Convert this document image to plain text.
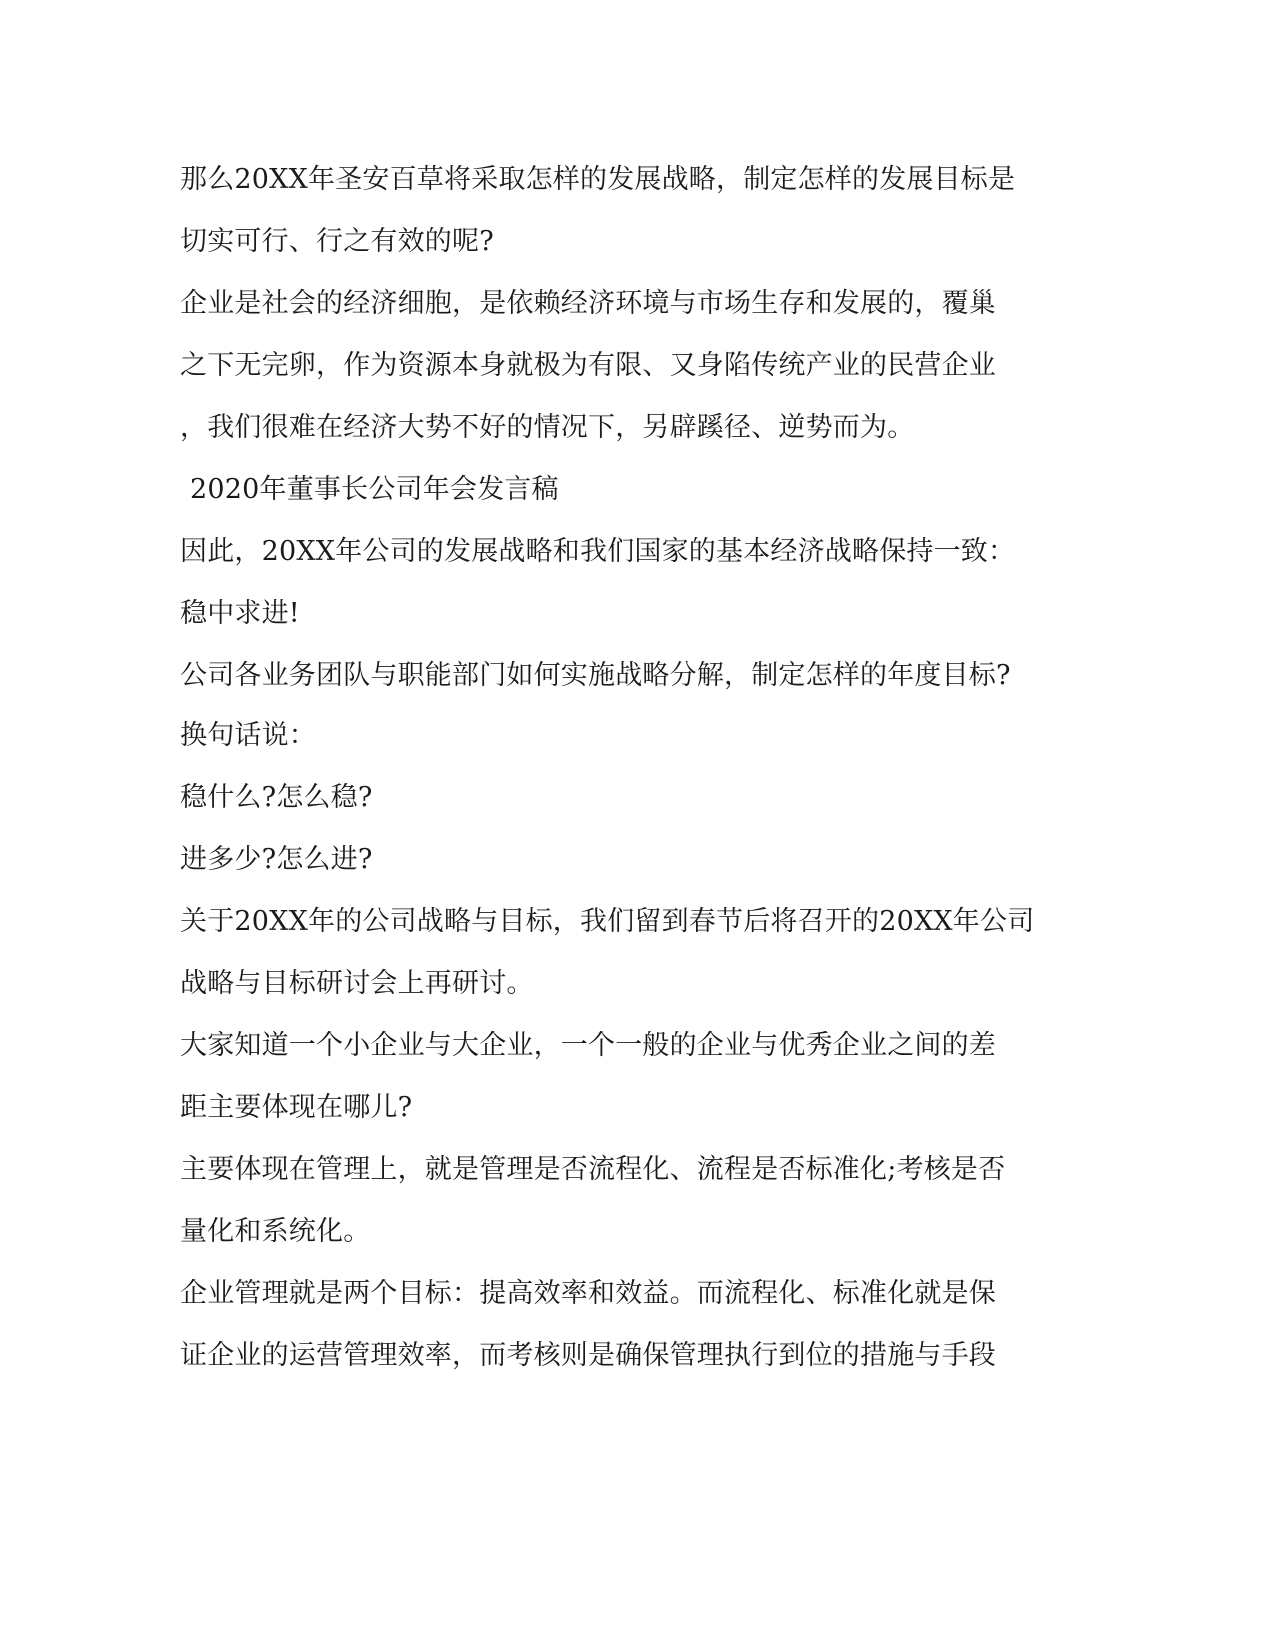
那么20XX年圣安百草将采取怎样的发展战略，制定怎样的发展目标是
切实可行、行之有效的呢?
企业是社会的经济细胞，是依赖经济环境与市场生存和发展的，覆巢
之下无完卵，作为资源本身就极为有限、又身陷传统产业的民营企业
，我们很难在经济大势不好的情况下，另辟蹊径、逆势而为。
2020年董事长公司年会发言稿
因此，20XX年公司的发展战略和我们国家的基本经济战略保持一致：
稳中求进!
公司各业务团队与职能部门如何实施战略分解，制定怎样的年度目标?
换句话说：
稳什么?怎么稳?
进多少?怎么进?
关于20XX年的公司战略与目标，我们留到春节后将召开的20XX年公司
战略与目标研讨会上再研讨。
大家知道一个小企业与大企业，一个一般的企业与优秀企业之间的差
距主要体现在哪儿?
主要体现在管理上，就是管理是否流程化、流程是否标准化;考核是否
量化和系统化。
企业管理就是两个目标：提高效率和效益。而流程化、标准化就是保
证企业的运营管理效率，而考核则是确保管理执行到位的措施与手段
